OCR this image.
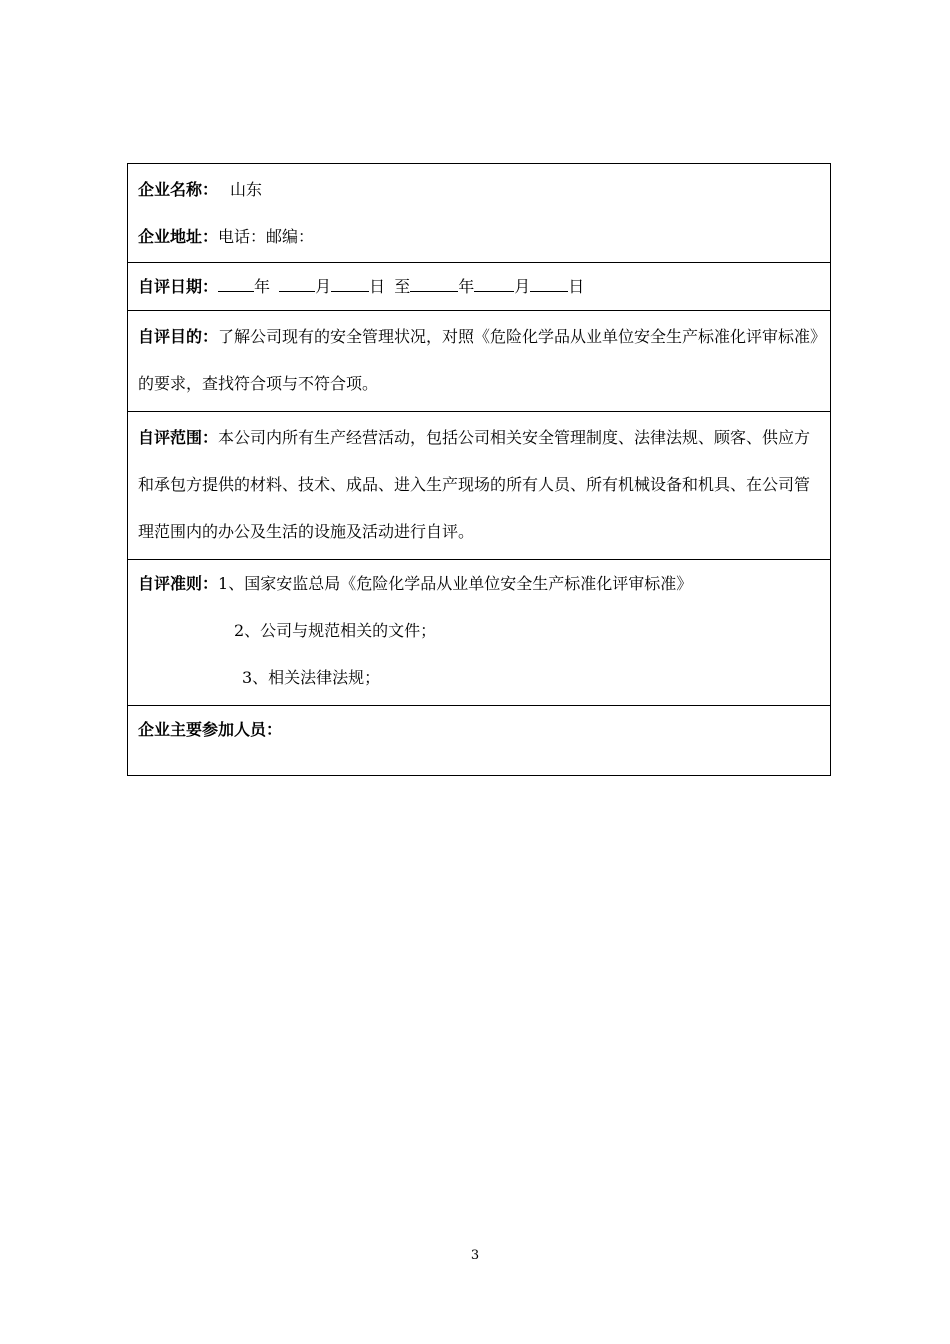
企业名称： 山东
企业地址：电话：邮编：
自评日期： 年	月 日 至	年	月 日
自评目的：了解公司现有的安全管理状况，对照《危险化学品从业单位安全生产标准化评审标准》的要求，查找符合项与不符合项。
自评范围：本公司内所有生产经营活动，包括公司相关安全管理制度、法律法规、顾客、供应方和承包方提供的材料、技术、成品、进入生产现场的所有人员、所有机械设备和机具、在公司管理范围内的办公及生活的设施及活动进行自评。
自评准则：1、国家安监总局《危险化学品从业单位安全生产标准化评审标准》
2、公司与规范相关的文件；
3、相关法律法规；
企业主要参加人员：
3
